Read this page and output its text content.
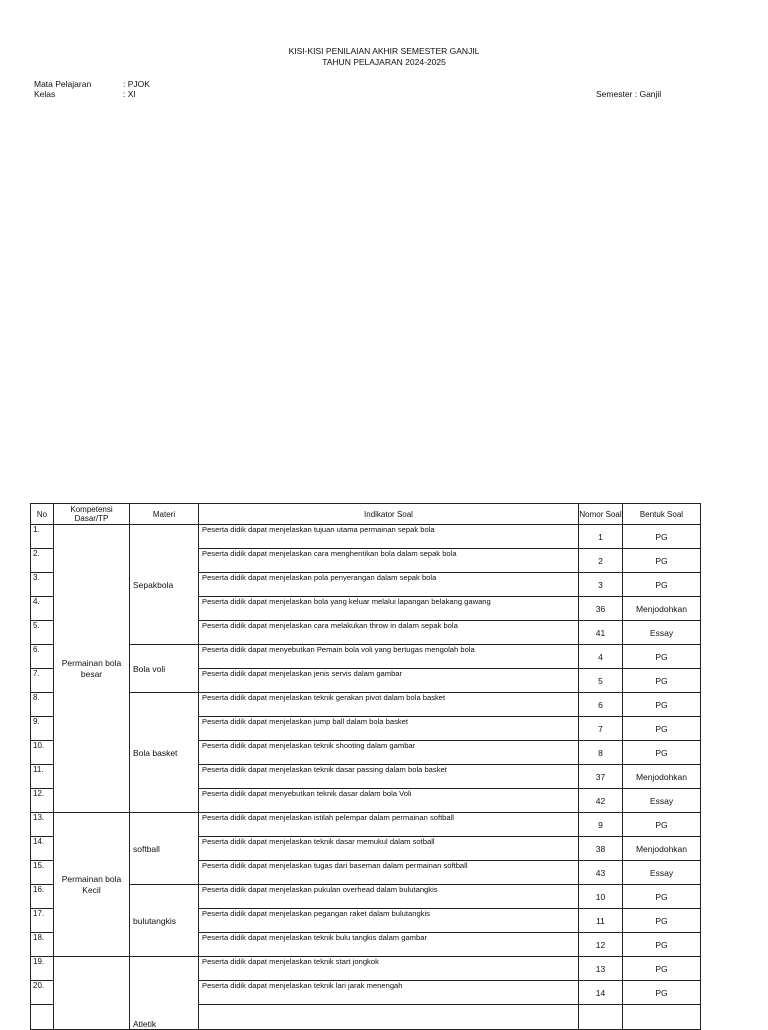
KISI-KISI PENILAIAN AKHIR SEMESTER GANJIL
TAHUN PELAJARAN 2024-2025
Mata Pelajaran	: PJOK
Kelas	: XI	Semester : Ganjil
No	Kompetensi Dasar/TP	Materi	Indikator Soal	Nomor Soal	Bentuk Soal
1.	Permainan bola besar	Sepakbola	Peserta didik dapat menjelaskan tujuan utama permainan sepak bola	1	PG
2.			Peserta didik dapat menjelaskan cara menghentikan bola dalam sepak bola	2	PG
3.			Peserta didik dapat menjelaskan pola penyerangan dalam sepak bola	3	PG
4.			Peserta didik dapat menjelaskan bola yang keluar melalui lapangan belakang gawang	36	Menjodohkan
5.			Peserta didik dapat menjelaskan cara melakukan throw in dalam sepak bola	41	Essay
6.		Bola voli	Peserta didik dapat menyebutkan Pemain bola voli yang bertugas mengolah bola	4	PG
7.			Peserta didik dapat menjelaskan jenis servis dalam gambar	5	PG
8.		Bola basket	Peserta didik dapat menjelaskan teknik gerakan pivot dalam bola basket	6	PG
9.			Peserta didik dapat menjelaskan jump ball dalam bola basket	7	PG
10.			Peserta didik dapat menjelaskan teknik shooting dalam gambar	8	PG
11.			Peserta didik dapat menjelaskan teknik dasar passing dalam bola basket	37	Menjodohkan
12.			Peserta didik dapat menyebutkan teknik dasar dalam bola Voli	42	Essay
13.	Permainan bola Kecil	softball	Peserta didik dapat menjelaskan istilah pelempar dalam permainan softball	9	PG
14.			Peserta didik dapat menjelaskan teknik dasar memukul dalam sotball	38	Menjodohkan
15.			Peserta didik dapat menjelaskan tugas dari baseman dalam permainan softball	43	Essay
16.		bulutangkis	Peserta didik dapat menjelaskan pukulan overhead dalam bulutangkis	10	PG
17.			Peserta didik dapat menjelaskan pegangan raket dalam bulutangkis	11	PG
18.			Peserta didik dapat menjelaskan teknik bulu tangkis dalam gambar	12	PG
19.		Atletik	Peserta didik dapat menjelaskan teknik start jongkok	13	PG
20.			Peserta didik dapat menjelaskan teknik lari jarak menengah	14	PG
